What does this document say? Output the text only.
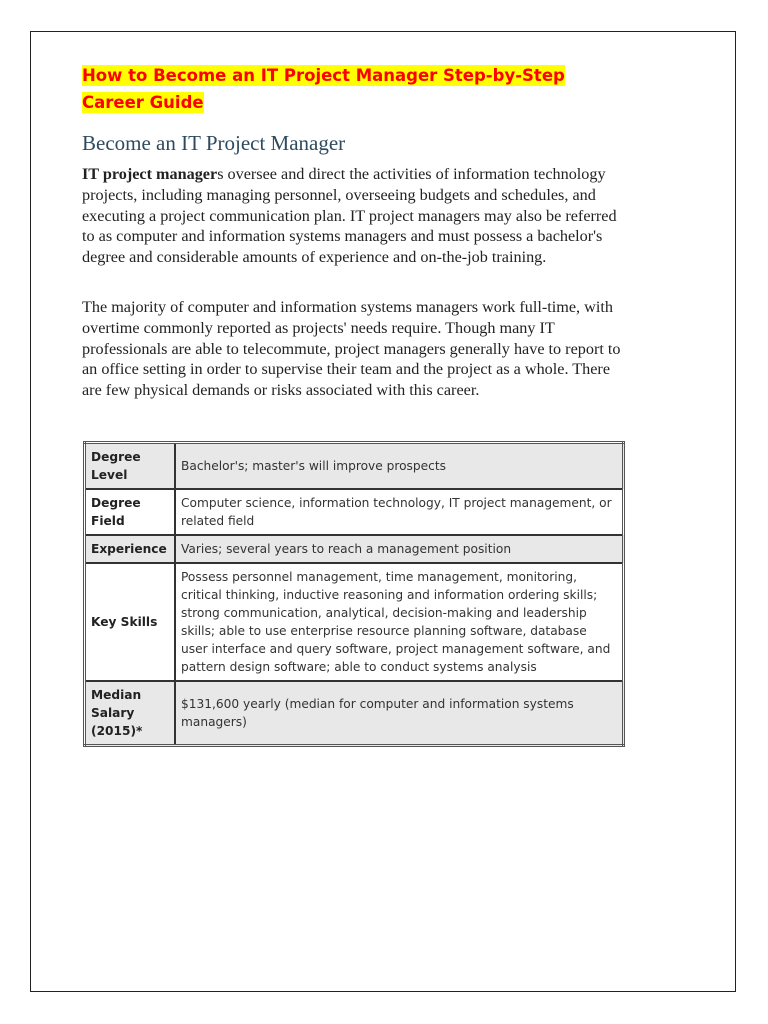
How to Become an IT Project Manager Step-by-Step Career Guide
Become an IT Project Manager

IT project managers oversee and direct the activities of information technology projects, including managing personnel, overseeing budgets and schedules, and executing a project communication plan. IT project managers may also be referred to as computer and information systems managers and must possess a bachelor's degree and considerable amounts of experience and on-the-job training.

The majority of computer and information systems managers work full-time, with overtime commonly reported as projects' needs require. Though many IT professionals are able to telecommute, project managers generally have to report to an office setting in order to supervise their team and the project as a whole. There are few physical demands or risks associated with this career.

Degree Level	Bachelor's; master's will improve prospects
Degree Field	Computer science, information technology, IT project management, or related field
Experience	Varies; several years to reach a management position
Key Skills	Possess personnel management, time management, monitoring, critical thinking, inductive reasoning and information ordering skills; strong communication, analytical, decision-making and leadership skills; able to use enterprise resource planning software, database user interface and query software, project management software, and pattern design software; able to conduct systems analysis
Median Salary (2015)*	$131,600 yearly (median for computer and information systems managers)
